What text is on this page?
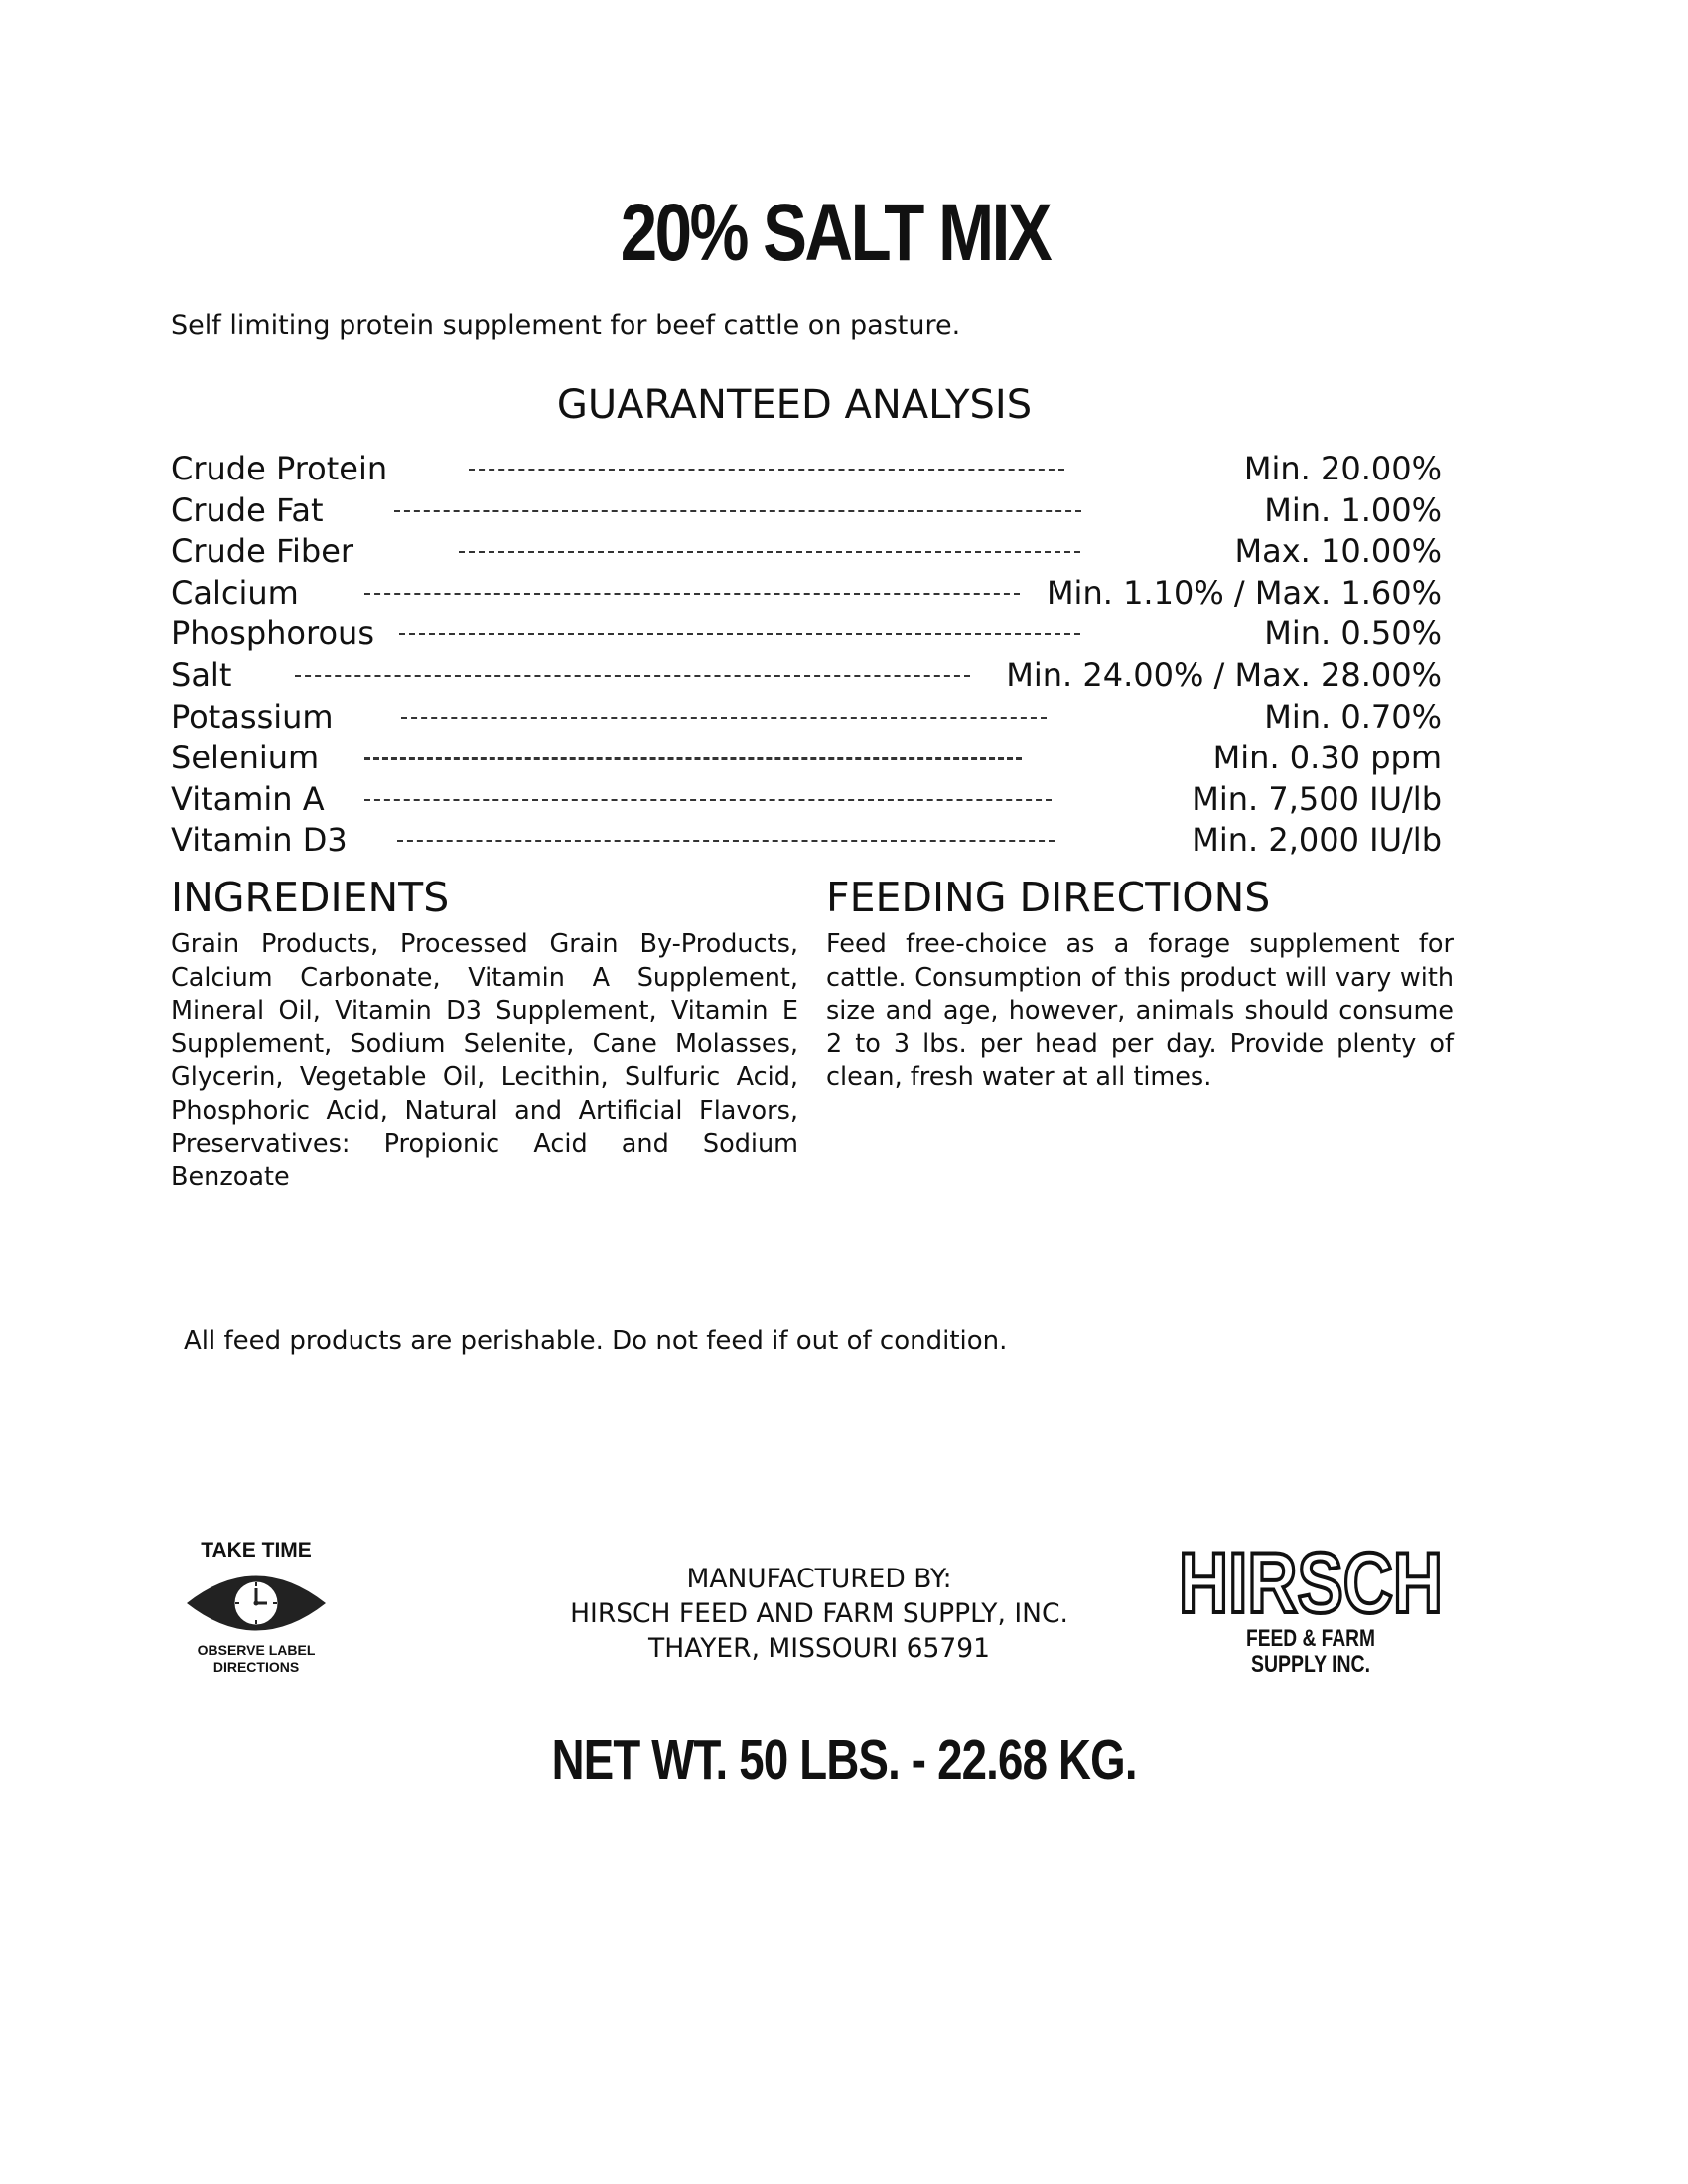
20% SALT MIX
Self limiting protein supplement for beef cattle on pasture.
GUARANTEED ANALYSIS
Crude Protein	Min. 20.00%
Crude Fat	Min. 1.00%
Crude Fiber	Max. 10.00%
Calcium	Min. 1.10% / Max. 1.60%
Phosphorous	Min. 0.50%
Salt	Min. 24.00% / Max. 28.00%
Potassium	Min. 0.70%
Selenium	Min. 0.30 ppm
Vitamin A	Min. 7,500 IU/lb
Vitamin D3	Min. 2,000 IU/lb
INGREDIENTS
Grain Products, Processed Grain By-Products, Calcium Carbonate, Vitamin A Supplement, Mineral Oil, Vitamin D3 Supplement, Vitamin E Supplement, Sodium Selenite, Cane Molasses, Glycerin, Vegetable Oil, Lecithin, Sulfuric Acid, Phosphoric Acid, Natural and Artificial Flavors, Preservatives: Propionic Acid and Sodium Benzoate
FEEDING DIRECTIONS
Feed free-choice as a forage supplement for cattle. Consumption of this product will vary with size and age, however, animals should consume 2 to 3 lbs. per head per day. Provide plenty of clean, fresh water at all times.
All feed products are perishable. Do not feed if out of condition.
TAKE TIME
OBSERVE LABEL DIRECTIONS
MANUFACTURED BY:
HIRSCH FEED AND FARM SUPPLY, INC.
THAYER, MISSOURI 65791
HIRSCH
FEED & FARM
SUPPLY INC.
NET WT. 50 LBS. - 22.68 KG.
